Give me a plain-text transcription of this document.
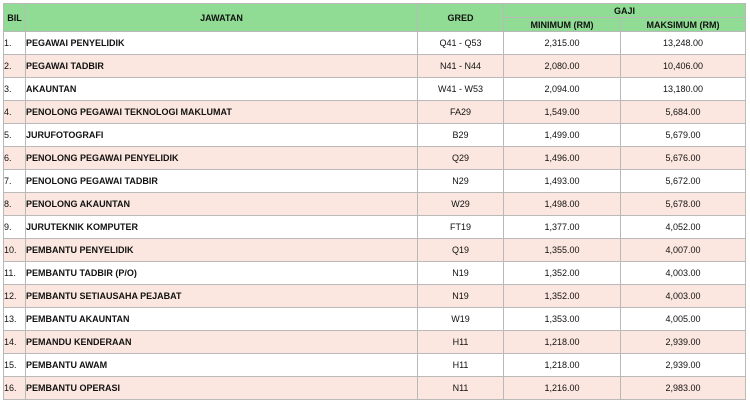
BIL	JAWATAN	GRED	GAJI	
			MINIMUM (RM)	MAKSIMUM (RM)
1.	PEGAWAI PENYELIDIK	Q41 - Q53	2,315.00	13,248.00
2.	PEGAWAI TADBIR	N41 - N44	2,080.00	10,406.00
3.	AKAUNTAN	W41 - W53	2,094.00	13,180.00
4.	PENOLONG PEGAWAI TEKNOLOGI MAKLUMAT	FA29	1,549.00	5,684.00
5.	JURUFOTOGRAFI	B29	1,499.00	5,679.00
6.	PENOLONG PEGAWAI PENYELIDIK	Q29	1,496.00	5,676.00
7.	PENOLONG PEGAWAI TADBIR	N29	1,493.00	5,672.00
8.	PENOLONG AKAUNTAN	W29	1,498.00	5,678.00
9.	JURUTEKNIK KOMPUTER	FT19	1,377.00	4,052.00
10.	PEMBANTU PENYELIDIK	Q19	1,355.00	4,007.00
11.	PEMBANTU TADBIR (P/O)	N19	1,352.00	4,003.00
12.	PEMBANTU SETIAUSAHA PEJABAT	N19	1,352.00	4,003.00
13.	PEMBANTU AKAUNTAN	W19	1,353.00	4,005.00
14.	PEMANDU KENDERAAN	H11	1,218.00	2,939.00
15.	PEMBANTU AWAM	H11	1,218.00	2,939.00
16.	PEMBANTU OPERASI	N11	1,216.00	2,983.00
